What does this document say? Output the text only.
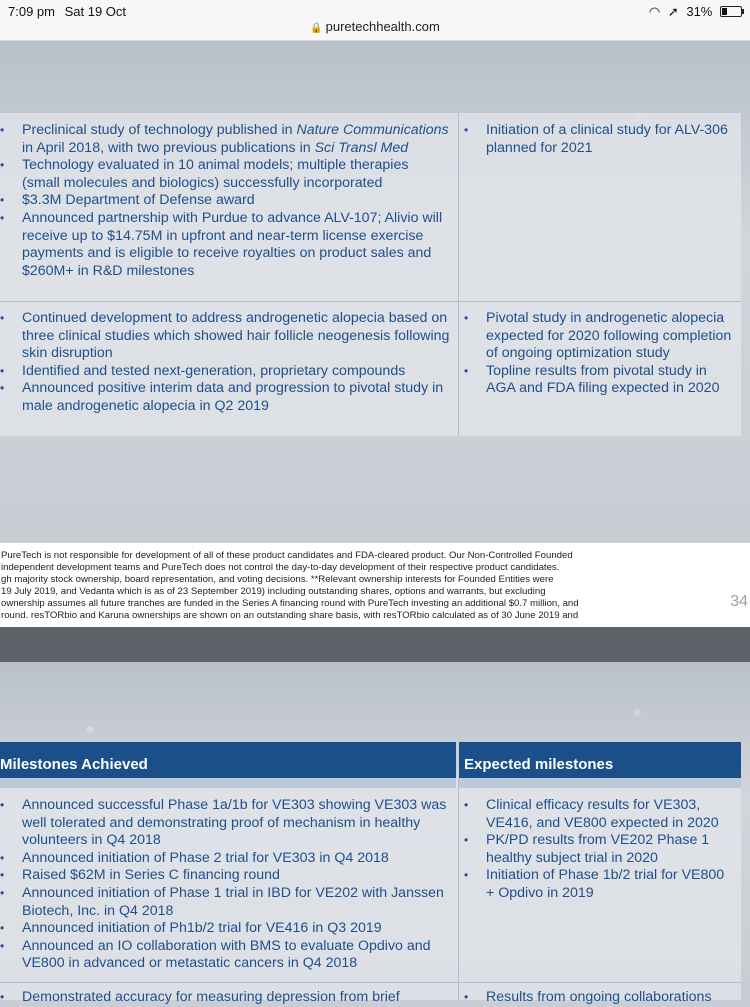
7:09 pm Sat 19 Oct	◠ ➚ 31%
🔒 puretechhealth.com
• Preclinical study of technology published in Nature Communications in April 2018, with two previous publications in Sci Transl Med
• Technology evaluated in 10 animal models; multiple therapies (small molecules and biologics) successfully incorporated
• $3.3M Department of Defense award
• Announced partnership with Purdue to advance ALV-107; Alivio will receive up to $14.75M in upfront and near-term license exercise payments and is eligible to receive royalties on product sales and $260M+ in R&D milestones
• Initiation of a clinical study for ALV-306 planned for 2021
• Continued development to address androgenetic alopecia based on three clinical studies which showed hair follicle neogenesis following skin disruption
• Identified and tested next-generation, proprietary compounds
• Announced positive interim data and progression to pivotal study in male androgenetic alopecia in Q2 2019
• Pivotal study in androgenetic alopecia expected for 2020 following completion of ongoing optimization study
• Topline results from pivotal study in AGA and FDA filing expected in 2020
PureTech is not responsible for development of all of these product candidates and FDA-cleared product. Our Non-Controlled Founded
independent development teams and PureTech does not control the day-to-day development of their respective product candidates.
gh majority stock ownership, board representation, and voting decisions. **Relevant ownership interests for Founded Entities were
19 July 2019, and Vedanta which is as of 23 September 2019) including outstanding shares, options and warrants, but excluding
ownership assumes all future tranches are funded in the Series A financing round with PureTech investing an additional $0.7 million, and
round. resTORbio and Karuna ownerships are shown on an outstanding share basis, with resTORbio calculated as of 30 June 2019 and
34
Milestones Achieved	Expected milestones
• Announced successful Phase 1a/1b for VE303 showing VE303 was well tolerated and demonstrating proof of mechanism in healthy volunteers in Q4 2018
• Announced initiation of Phase 2 trial for VE303 in Q4 2018
• Raised $62M in Series C financing round
• Announced initiation of Phase 1 trial in IBD for VE202 with Janssen Biotech, Inc. in Q4 2018
• Announced initiation of Ph1b/2 trial for VE416 in Q3 2019
• Announced an IO collaboration with BMS to evaluate Opdivo and VE800 in advanced or metastatic cancers in Q4 2018
• Clinical efficacy results for VE303, VE416, and VE800 expected in 2020
• PK/PD results from VE202 Phase 1 healthy subject trial in 2020
• Initiation of Phase 1b/2 trial for VE800 + Opdivo in 2019
• Demonstrated accuracy for measuring depression from brief
•	Results from ongoing collaborations
